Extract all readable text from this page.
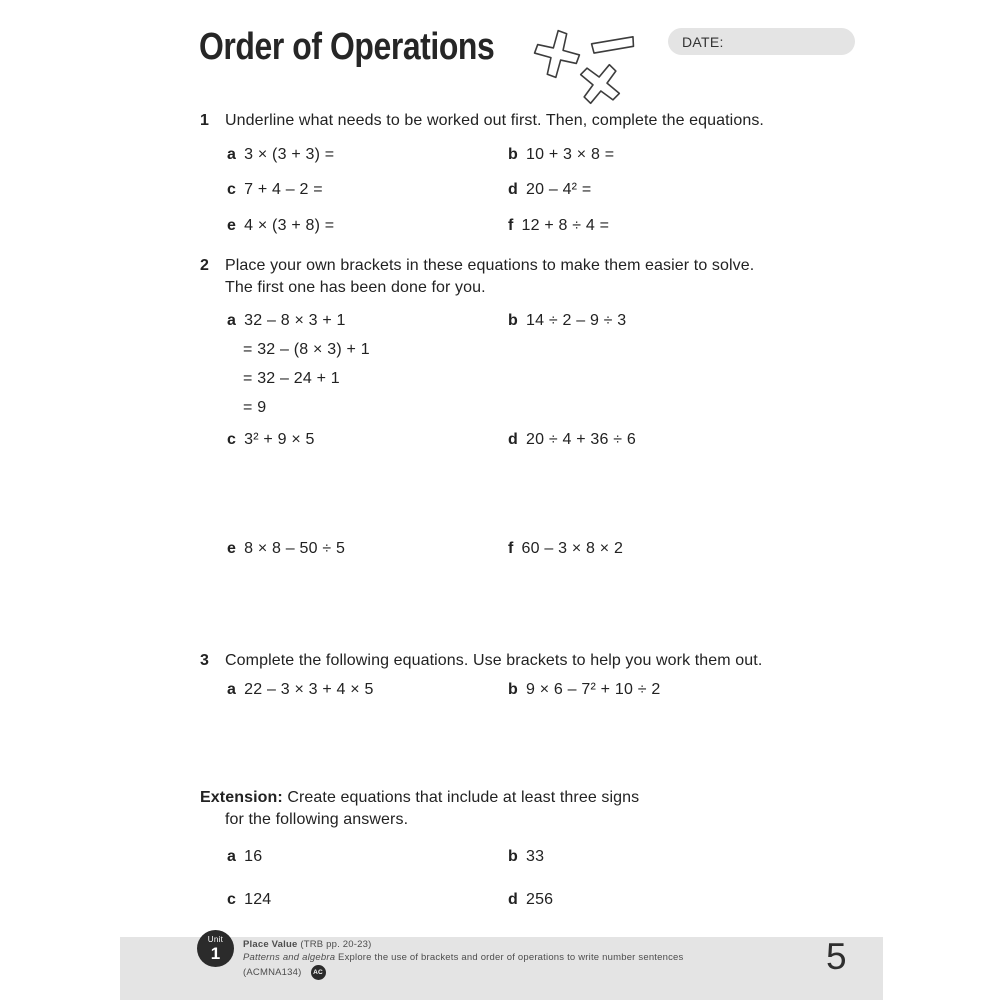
Order of Operations	DATE:
1 Underline what needs to be worked out first. Then, complete the equations.
a 3 × (3 + 3) =	b 10 + 3 × 8 =
c 7 + 4 – 2 =	d 20 – 4² =
e 4 × (3 + 8) =	f 12 + 8 ÷ 4 =
2 Place your own brackets in these equations to make them easier to solve.
The first one has been done for you.
a 32 – 8 × 3 + 1	b 14 ÷ 2 – 9 ÷ 3
= 32 – (8 × 3) + 1
= 32 – 24 + 1
= 9
c 3² + 9 × 5	d 20 ÷ 4 + 36 ÷ 6
e 8 × 8 – 50 ÷ 5	f 60 – 3 × 8 × 2
3 Complete the following equations. Use brackets to help you work them out.
a 22 – 3 × 3 + 4 × 5	b 9 × 6 – 7² + 10 ÷ 2
Extension: Create equations that include at least three signs
for the following answers.
a 16	b 33
c 124	d 256
Unit
1 Place Value (TRB pp. 20-23)
Patterns and algebra Explore the use of brackets and order of operations to write number sentences
(ACMNA134)	AC	5
